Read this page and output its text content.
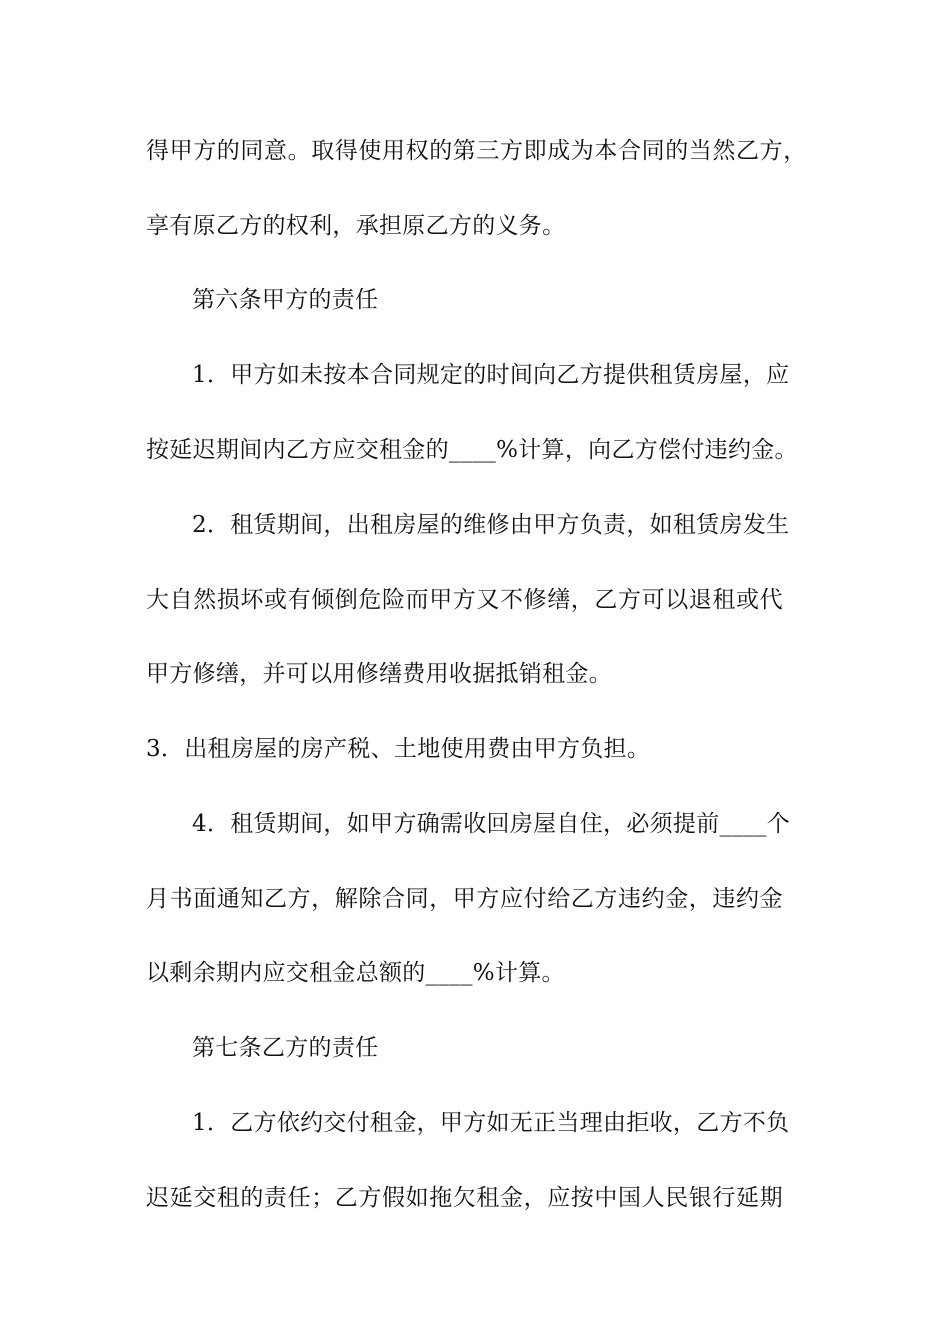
得甲方的同意。取得使用权的第三方即成为本合同的当然乙方，
享有原乙方的权利，承担原乙方的义务。
第六条甲方的责任
1．甲方如未按本合同规定的时间向乙方提供租赁房屋，应
按延迟期间内乙方应交租金的____%计算，向乙方偿付违约金。
2．租赁期间，出租房屋的维修由甲方负责，如租赁房发生
大自然损坏或有倾倒危险而甲方又不修缮，乙方可以退租或代
甲方修缮，并可以用修缮费用收据抵销租金。
3．出租房屋的房产税、土地使用费由甲方负担。
4．租赁期间，如甲方确需收回房屋自住，必须提前____个
月书面通知乙方，解除合同，甲方应付给乙方违约金，违约金
以剩余期内应交租金总额的____%计算。
第七条乙方的责任
1．乙方依约交付租金，甲方如无正当理由拒收，乙方不负
迟延交租的责任；乙方假如拖欠租金，应按中国人民银行延期
